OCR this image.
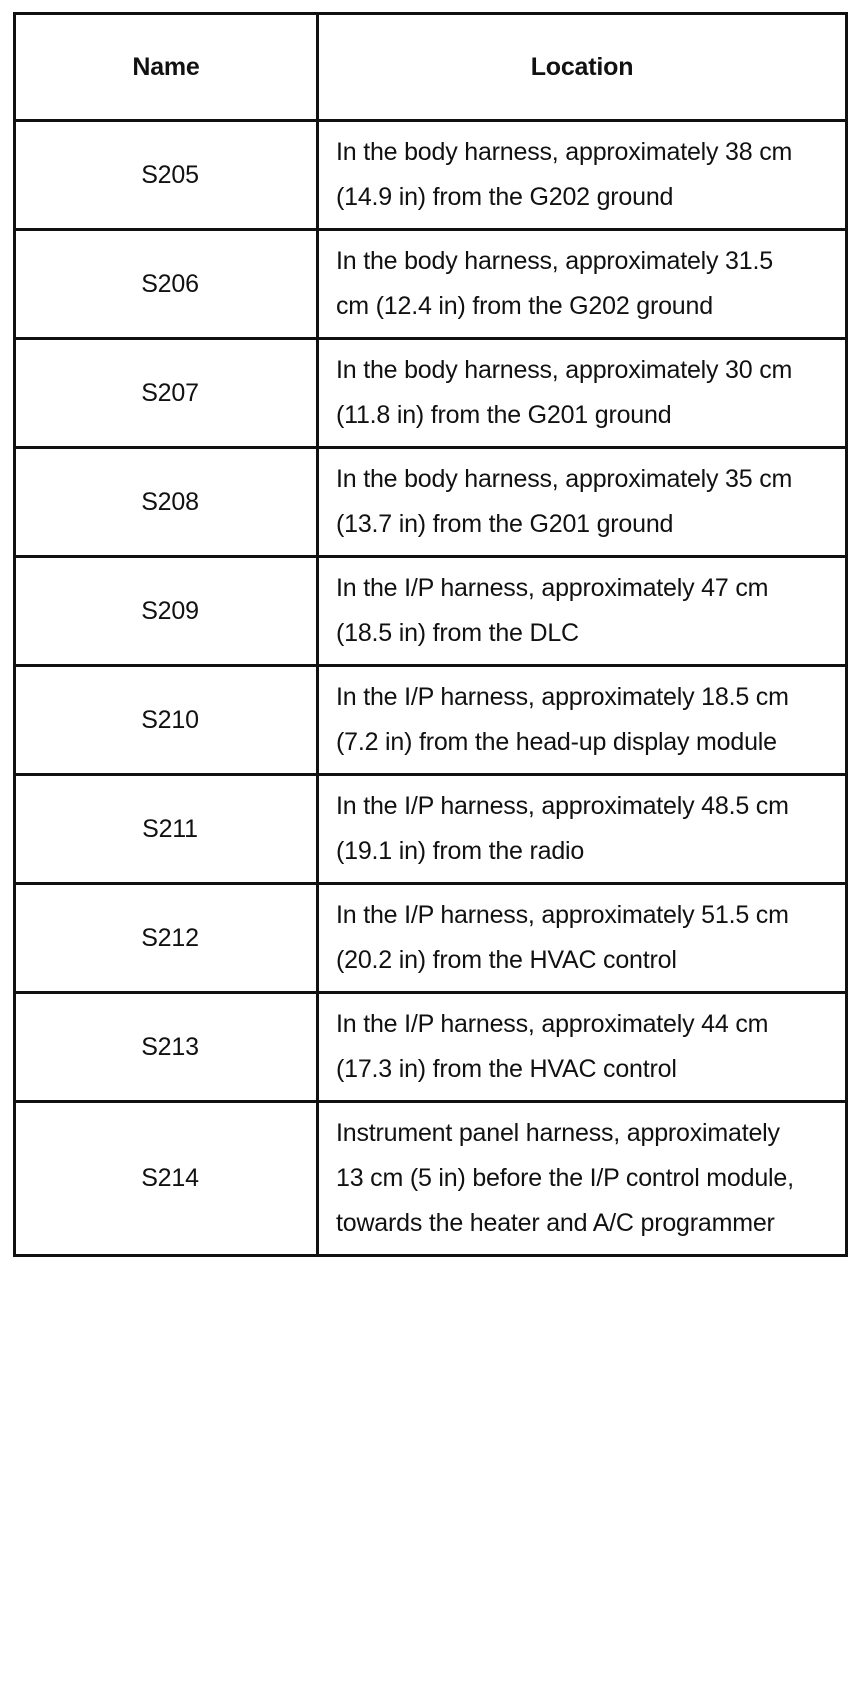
Name	Location
S205	In the body harness, approximately 38 cm (14.9 in) from the G202 ground
S206	In the body harness, approximately 31.5 cm (12.4 in) from the G202 ground
S207	In the body harness, approximately 30 cm (11.8 in) from the G201 ground
S208	In the body harness, approximately 35 cm (13.7 in) from the G201 ground
S209	In the I/P harness, approximately 47 cm (18.5 in) from the DLC
S210	In the I/P harness, approximately 18.5 cm (7.2 in) from the head-up display module
S211	In the I/P harness, approximately 48.5 cm (19.1 in) from the radio
S212	In the I/P harness, approximately 51.5 cm (20.2 in) from the HVAC control
S213	In the I/P harness, approximately 44 cm (17.3 in) from the HVAC control
S214	Instrument panel harness, approximately 13 cm (5 in) before the I/P control module, towards the heater and A/C programmer
